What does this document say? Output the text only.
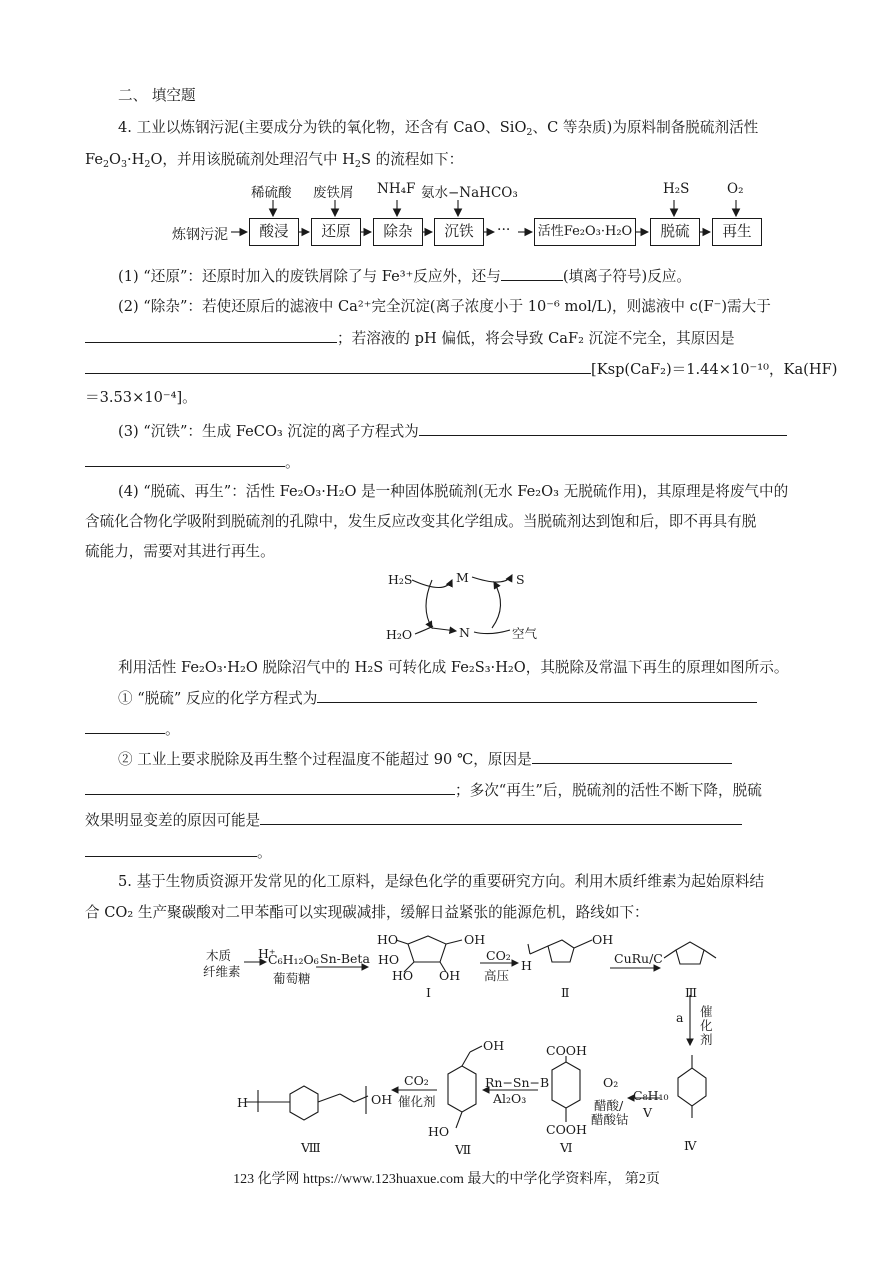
二、 填空题
4. 工业以炼钢污泥(主要成分为铁的氧化物，还含有 CaO、SiO$_2$、C 等杂质)为原料制备脱硫剂活性
$Fe_2O_3\cdot H_2O$，并用该脱硫剂处理沼气中 $H_2S$ 的流程如下：
炼钢污泥	酸浸	还原	除杂	沉铁	··· 活性Fe₂O₃·H₂O	脱硫	再生
稀硫酸 废铁屑 NH₄F 氨水−NaHCO₃	H₂S	O₂
(1) “还原”：还原时加入的废铁屑除了与 Fe³⁺反应外，还与	(填离子符号)反应。
(2) “除杂”：若使还原后的滤液中 Ca²⁺完全沉淀(离子浓度小于 10⁻⁶ mol/L)，则滤液中 c(F⁻)需大于
；若溶液的 pH 偏低，将会导致 CaF₂ 沉淀不完全，其原因是
[Ksp(CaF₂)＝1.44×10⁻¹⁰，Ka(HF)
＝3.53×10⁻⁴]。
(3) “沉铁”：生成 FeCO₃ 沉淀的离子方程式为
。
(4) “脱硫、再生”：活性 Fe₂O₃·H₂O 是一种固体脱硫剂(无水 Fe₂O₃ 无脱硫作用)，其原理是将废气中的
含硫化合物化学吸附到脱硫剂的孔隙中，发生反应改变其化学组成。当脱硫剂达到饱和后，即不再具有脱
硫能力，需要对其进行再生。
H₂S	M	S
H₂O	N	空气
利用活性 Fe₂O₃·H₂O 脱除沼气中的 H₂S 可转化成 Fe₂S₃·H₂O，其脱除及常温下再生的原理如图所示。
① “脱硫” 反应的化学方程式为
。
② 工业上要求脱除及再生整个过程温度不能超过 90 ℃，原因是
；多次“再生”后，脱硫剂的活性不断下降，脱硫
效果明显变差的原因可能是
。
5. 基于生物质资源开发常见的化工原料，是绿色化学的重要研究方向。利用木质纤维素为起始原料结
合 CO₂ 生产聚碳酸对二甲苯酯可以实现碳减排，缓解日益紧张的能源危机，路线如下：
木质
纤维素
H⁺
C₆H₁₂O₆ Sn-Beta
葡萄糖
HO	OH
HO
HO OH
Ⅰ
CO₂
高压
H
OH
Ⅱ
CuRu/C
Ⅲ
催
化
剂
a
Ⅳ
C₈H₁₀
Ⅴ
O₂
醋酸/
醋酸钴
COOH
COOH
Ⅵ
Rn−Sn−B
Al₂O₃
OH
HO
Ⅶ
CO₂
催化剂
H	OH
Ⅷ
123 化学网 https://www.123huaxue.com 最大的中学化学资料库， 第2页
